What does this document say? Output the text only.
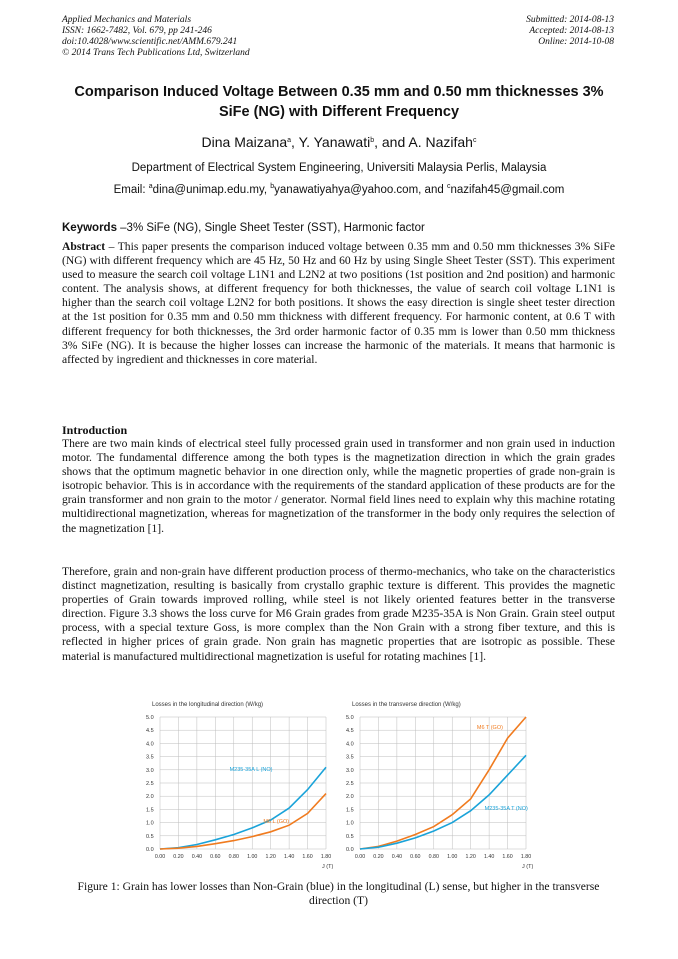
Applied Mechanics and Materials
ISSN: 1662-7482, Vol. 679, pp 241-246
doi:10.4028/www.scientific.net/AMM.679.241
© 2014 Trans Tech Publications Ltd, Switzerland
Submitted: 2014-08-13
Accepted: 2014-08-13
Online: 2014-10-08
Comparison Induced Voltage Between 0.35 mm and 0.50 mm thicknesses 3% SiFe (NG) with Different Frequency
Dina Maizana$^a$, Y. Yanawati$^b$, and A. Nazifah$^c$
Department of Electrical System Engineering, Universiti Malaysia Perlis, Malaysia
Email: $^a$dina@unimap.edu.my, $^b$yanawatiyahya@yahoo.com, and $^c$nazifah45@gmail.com
Keywords –3% SiFe (NG), Single Sheet Tester (SST), Harmonic factor
Abstract – This paper presents the comparison induced voltage between 0.35 mm and 0.50 mm thicknesses 3% SiFe (NG) with different frequency which are 45 Hz, 50 Hz and 60 Hz by using Single Sheet Tester (SST). This experiment used to measure the search coil voltage L1N1 and L2N2 at two positions (1st position and 2nd position) and harmonic content. The analysis shows, at different frequency for both thicknesses, the value of search coil voltage L1N1 is higher than the search coil voltage L2N2 for both positions. It shows the easy direction is single sheet tester direction at the 1st position for 0.35 mm and 0.50 mm thickness with different frequency. For harmonic content, at 0.6 T with different frequency for both thicknesses, the 3rd order harmonic factor of 0.35 mm is lower than 0.50 mm thickness 3% SiFe (NG). It is because the higher losses can increase the harmonic of the materials. It means that harmonic is affected by ingredient and thicknesses in core material.
Introduction
There are two main kinds of electrical steel fully processed grain used in transformer and non grain used in induction motor. The fundamental difference among the both types is the magnetization direction in which the grain grades shows that the optimum magnetic behavior in one direction only, while the magnetic properties of grade non-grain is isotropic behavior. This is in accordance with the requirements of the standard application of these products are for the grain transformer and non grain to the motor / generator. Normal field lines need to explain why this machine rotating multidirectional magnetization, whereas for magnetization of the transformer in the body only requires the selection of the magnetization [1].
Therefore, grain and non-grain have different production process of thermo-mechanics, who take on the characteristics distinct magnetization, resulting is basically from crystallo graphic texture is different. This provides the magnetic properties of Grain towards improved rolling, while steel is not likely oriented features better in the transverse direction. Figure 3.3 shows the loss curve for M6 Grain grades from grade M235-35A is Non Grain. Grain steel output process, with a special texture Goss, is more complex than the Non Grain with a strong fiber texture, and this is reflected in higher prices of grain grade. Non grain has magnetic properties that are isotropic as possible. These material is manufactured multidirectional magnetization is useful for rotating machines [1].
Losses in the longitudinal direction (W/kg)
0.0
0.5
1.0
1.5
2.0
2.5
3.0
3.5
4.0
4.5
5.0
0.00 0.20 0.40 0.60 0.80 1.00 1.20 1.40 1.60 1.80
J (T)
M235-35A L (NO)
M6 L (GO)
Losses in the transverse direction (W/kg)
0.0
0.5
1.0
1.5
2.0
2.5
3.0
3.5
4.0
4.5
5.0
0.00 0.20 0.40 0.60 0.80 1.00 1.20 1.40 1.60 1.80
J (T)
M6 T (GO)
M235-35A T (NO)
Figure 1: Grain has lower losses than Non-Grain (blue) in the longitudinal (L) sense, but higher in the transverse direction (T)
